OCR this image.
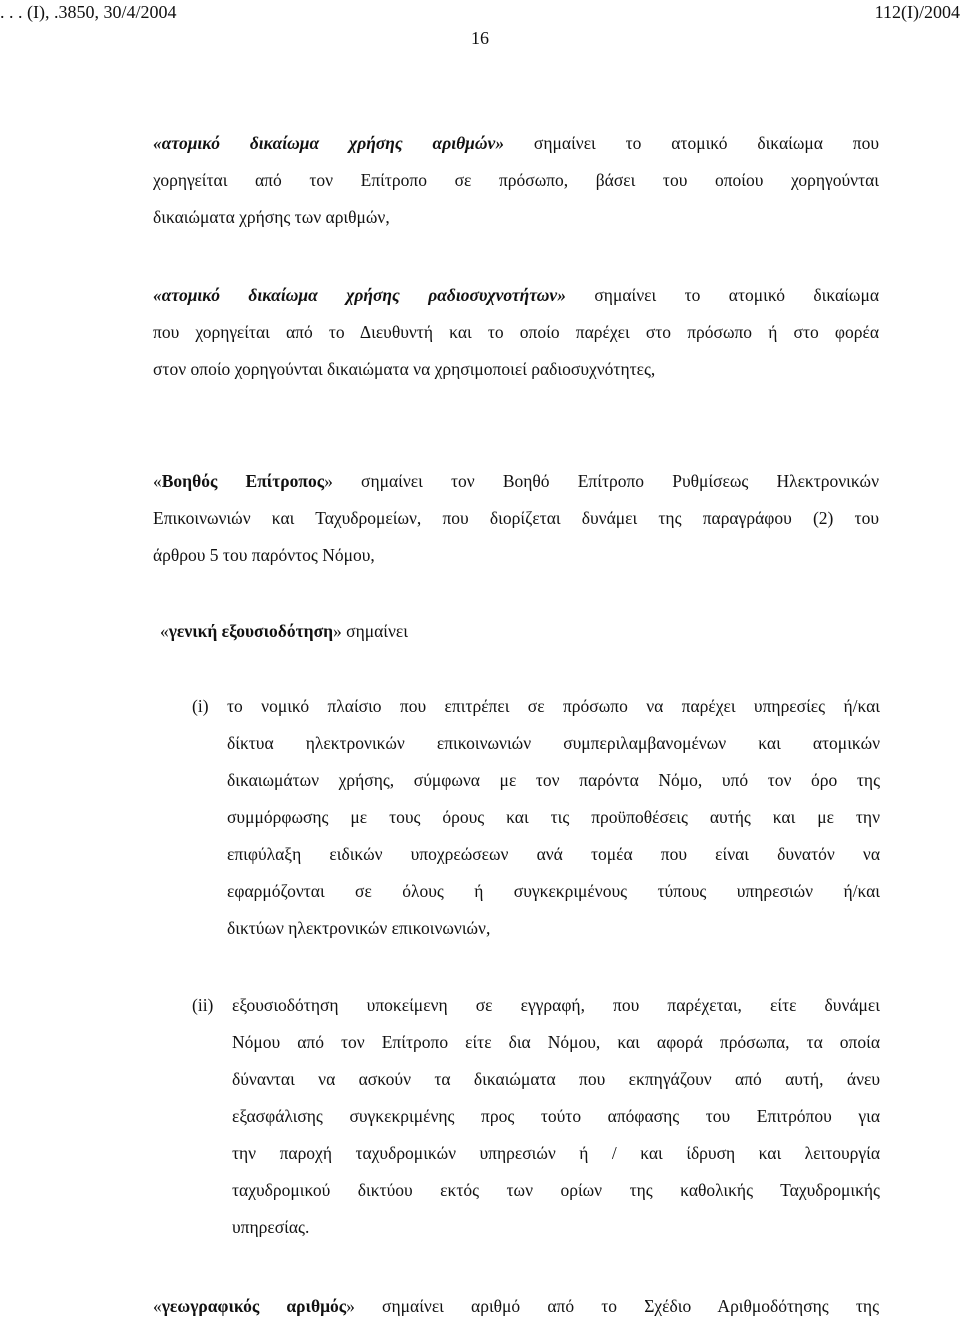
. . . (Ι), .3850, 30/4/2004	112(I)/2004
16
«ατομικό δικαίωμα χρήσης αριθμών» σημαίνει το ατομικό δικαίωμα που
χορηγείται από τον Επίτροπο σε πρόσωπο, βάσει του οποίου χορηγούνται
δικαιώματα χρήσης των αριθμών,
«ατομικό δικαίωμα χρήσης ραδιοσυχνοτήτων» σημαίνει το ατομικό δικαίωμα
που χορηγείται από το Διευθυντή και το οποίο παρέχει στο πρόσωπο ή στο φορέα
στον οποίο χορηγούνται δικαιώματα να χρησιμοποιεί ραδιοσυχνότητες,
«Βοηθός Επίτροπος» σημαίνει τον Βοηθό Επίτροπο Ρυθμίσεως Ηλεκτρονικών
Επικοινωνιών και Ταχυδρομείων, που διορίζεται δυνάμει της παραγράφου (2) του
άρθρου 5 του παρόντος Νόμου,
«γενική εξουσιοδότηση» σημαίνει
(i) το νομικό πλαίσιο που επιτρέπει σε πρόσωπο να παρέχει υπηρεσίες ή/και
δίκτυα ηλεκτρονικών επικοινωνιών συμπεριλαμβανομένων και ατομικών
δικαιωμάτων χρήσης, σύμφωνα με τον παρόντα Νόμο, υπό τον όρο της
συμμόρφωσης με τους όρους και τις προϋποθέσεις αυτής και με την
επιφύλαξη ειδικών υποχρεώσεων ανά τομέα που είναι δυνατόν να
εφαρμόζονται σε όλους ή συγκεκριμένους τύπους υπηρεσιών ή/και
δικτύων ηλεκτρονικών επικοινωνιών,
(ii) εξουσιοδότηση υποκείμενη σε εγγραφή, που παρέχεται, είτε δυνάμει
Νόμου από τον Επίτροπο είτε δια Νόμου, και αφορά πρόσωπα, τα οποία
δύνανται να ασκούν τα δικαιώματα που εκπηγάζουν από αυτή, άνευ
εξασφάλισης συγκεκριμένης προς τούτο απόφασης του Επιτρόπου για
την παροχή ταχυδρομικών υπηρεσιών ή / και ίδρυση και λειτουργία
ταχυδρομικού δικτύου εκτός των ορίων της καθολικής Ταχυδρομικής
υπηρεσίας.
«γεωγραφικός αριθμός» σημαίνει αριθμό από το Σχέδιο Αριθμοδότησης της
